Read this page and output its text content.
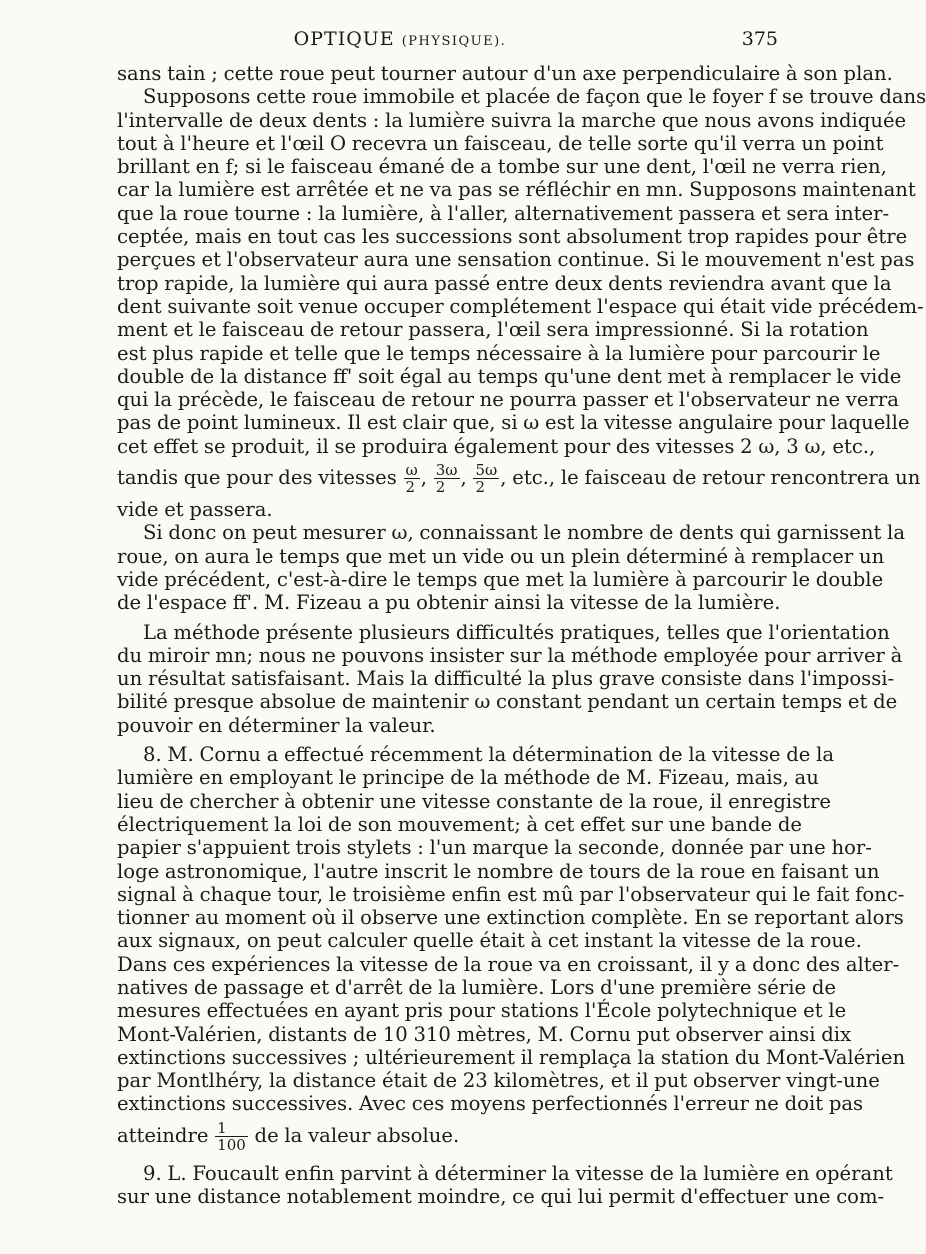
OPTIQUE (PHYSIQUE).	375
sans tain ; cette roue peut tourner autour d'un axe perpendiculaire à son plan.
Supposons cette roue immobile et placée de façon que le foyer f se trouve dans
l'intervalle de deux dents : la lumière suivra la marche que nous avons indiquée
tout à l'heure et l'œil O recevra un faisceau, de telle sorte qu'il verra un point
brillant en f; si le faisceau émané de a tombe sur une dent, l'œil ne verra rien,
car la lumière est arrêtée et ne va pas se réfléchir en mn. Supposons maintenant
que la roue tourne : la lumière, à l'aller, alternativement passera et sera inter-
ceptée, mais en tout cas les successions sont absolument trop rapides pour être
perçues et l'observateur aura une sensation continue. Si le mouvement n'est pas
trop rapide, la lumière qui aura passé entre deux dents reviendra avant que la
dent suivante soit venue occuper complétement l'espace qui était vide précédem-
ment et le faisceau de retour passera, l'œil sera impressionné. Si la rotation
est plus rapide et telle que le temps nécessaire à la lumière pour parcourir le
double de la distance ff' soit égal au temps qu'une dent met à remplacer le vide
qui la précède, le faisceau de retour ne pourra passer et l'observateur ne verra
pas de point lumineux. Il est clair que, si ω est la vitesse angulaire pour laquelle
cet effet se produit, il se produira également pour des vitesses 2 ω, 3 ω, etc.,
tandis que pour des vitesses $\frac{\omega}{2}$ , $\frac{3\omega}{2}$ , $\frac{5\omega}{2}$ , etc., le faisceau de retour rencontrera un
vide et passera.
Si donc on peut mesurer ω, connaissant le nombre de dents qui garnissent la
roue, on aura le temps que met un vide ou un plein déterminé à remplacer un
vide précédent, c'est-à-dire le temps que met la lumière à parcourir le double
de l'espace ff'. M. Fizeau a pu obtenir ainsi la vitesse de la lumière.
La méthode présente plusieurs difficultés pratiques, telles que l'orientation
du miroir mn; nous ne pouvons insister sur la méthode employée pour arriver à
un résultat satisfaisant. Mais la difficulté la plus grave consiste dans l'impossi-
bilité presque absolue de maintenir ω constant pendant un certain temps et de
pouvoir en déterminer la valeur.
8. M. Cornu a effectué récemment la détermination de la vitesse de la
lumière en employant le principe de la méthode de M. Fizeau, mais, au
lieu de chercher à obtenir une vitesse constante de la roue, il enregistre
électriquement la loi de son mouvement; à cet effet sur une bande de
papier s'appuient trois stylets : l'un marque la seconde, donnée par une hor-
loge astronomique, l'autre inscrit le nombre de tours de la roue en faisant un
signal à chaque tour, le troisième enfin est mû par l'observateur qui le fait fonc-
tionner au moment où il observe une extinction complète. En se reportant alors
aux signaux, on peut calculer quelle était à cet instant la vitesse de la roue.
Dans ces expériences la vitesse de la roue va en croissant, il y a donc des alter-
natives de passage et d'arrêt de la lumière. Lors d'une première série de
mesures effectuées en ayant pris pour stations l'École polytechnique et le
Mont-Valérien, distants de 10 310 mètres, M. Cornu put observer ainsi dix
extinctions successives ; ultérieurement il remplaça la station du Mont-Valérien
par Montlhéry, la distance était de 23 kilomètres, et il put observer vingt-une
extinctions successives. Avec ces moyens perfectionnés l'erreur ne doit pas
atteindre $\frac{1}{100}$ de la valeur absolue.
9. L. Foucault enfin parvint à déterminer la vitesse de la lumière en opérant
sur une distance notablement moindre, ce qui lui permit d'effectuer une com-
